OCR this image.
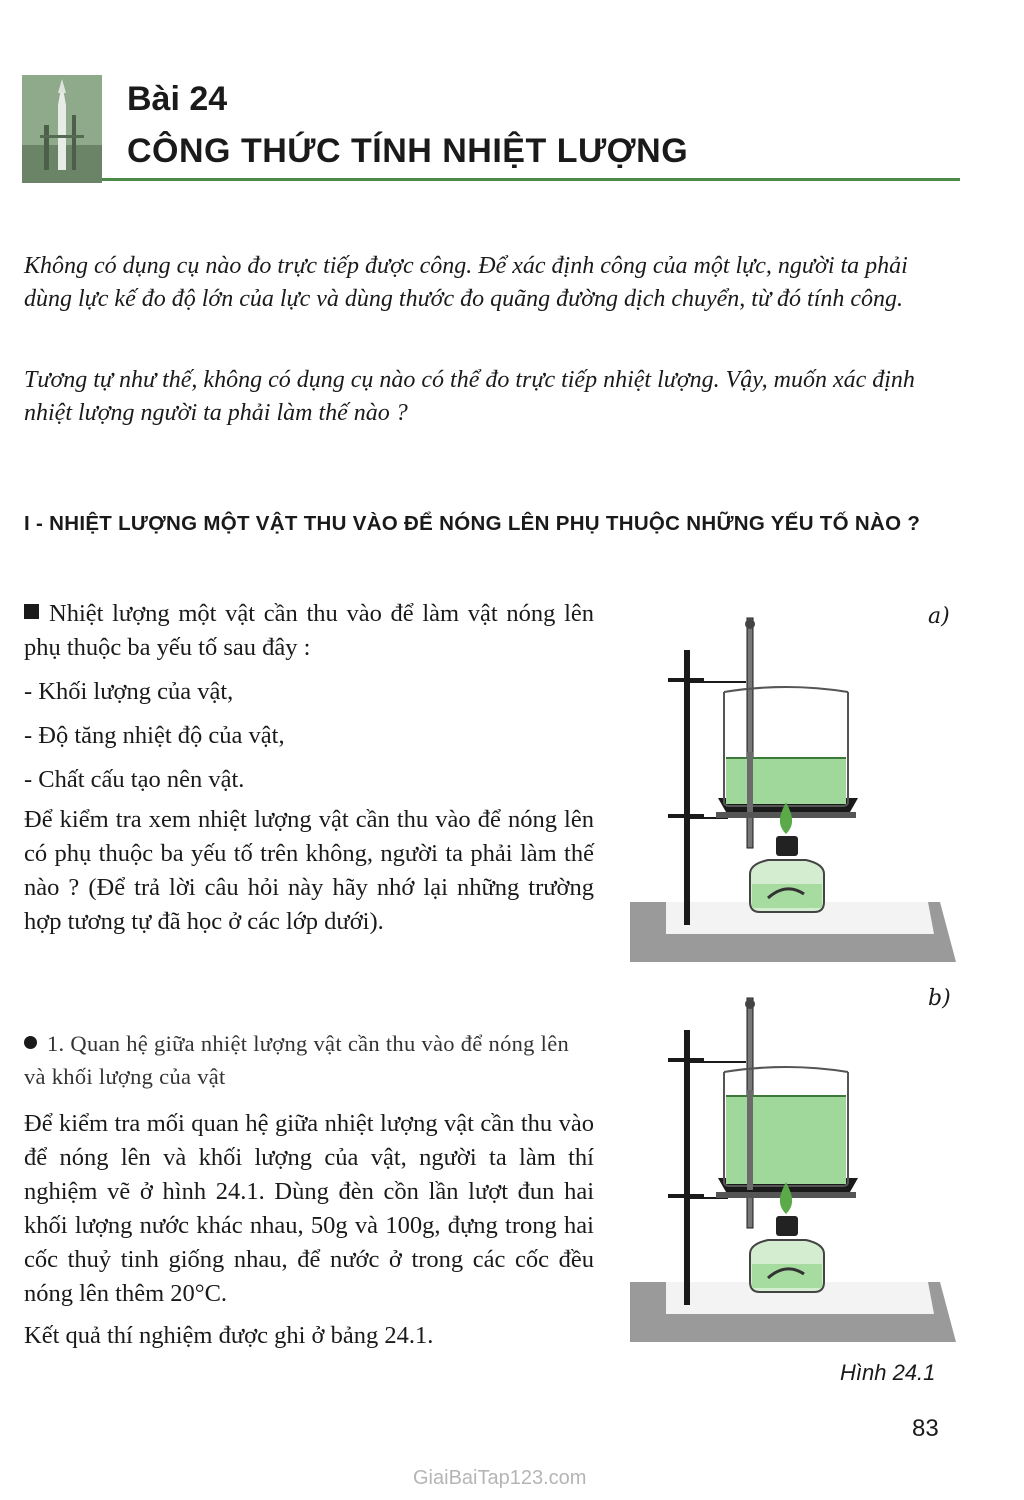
Bài 24
CÔNG THỨC TÍNH NHIỆT LƯỢNG

Không có dụng cụ nào đo trực tiếp được công. Để xác định công của một lực, người ta phải dùng lực kế đo độ lớn của lực và dùng thước đo quãng đường dịch chuyển, từ đó tính công.

Tương tự như thế, không có dụng cụ nào có thể đo trực tiếp nhiệt lượng. Vậy, muốn xác định nhiệt lượng người ta phải làm thế nào ?

I - NHIỆT LƯỢNG MỘT VẬT THU VÀO ĐỂ NÓNG LÊN PHỤ THUỘC NHỮNG YẾU TỐ NÀO ?

Nhiệt lượng một vật cần thu vào để làm vật nóng lên phụ thuộc ba yếu tố sau đây :

- Khối lượng của vật,

- Độ tăng nhiệt độ của vật,

- Chất cấu tạo nên vật.

Để kiểm tra xem nhiệt lượng vật cần thu vào để nóng lên có phụ thuộc ba yếu tố trên không, người ta phải làm thế nào ? (Để trả lời câu hỏi này hãy nhớ lại những trường hợp tương tự đã học ở các lớp dưới).

1. Quan hệ giữa nhiệt lượng vật cần thu vào để nóng lên và khối lượng của vật

Để kiểm tra mối quan hệ giữa nhiệt lượng vật cần thu vào để nóng lên và khối lượng của vật, người ta làm thí nghiệm vẽ ở hình 24.1. Dùng đèn cồn lần lượt đun hai khối lượng nước khác nhau, 50g và 100g, đựng trong hai cốc thuỷ tinh giống nhau, để nước ở trong các cốc đều nóng lên thêm 20°C.

Kết quả thí nghiệm được ghi ở bảng 24.1.

a)
b)
Hình 24.1
83
GiaiBaiTap123.com
